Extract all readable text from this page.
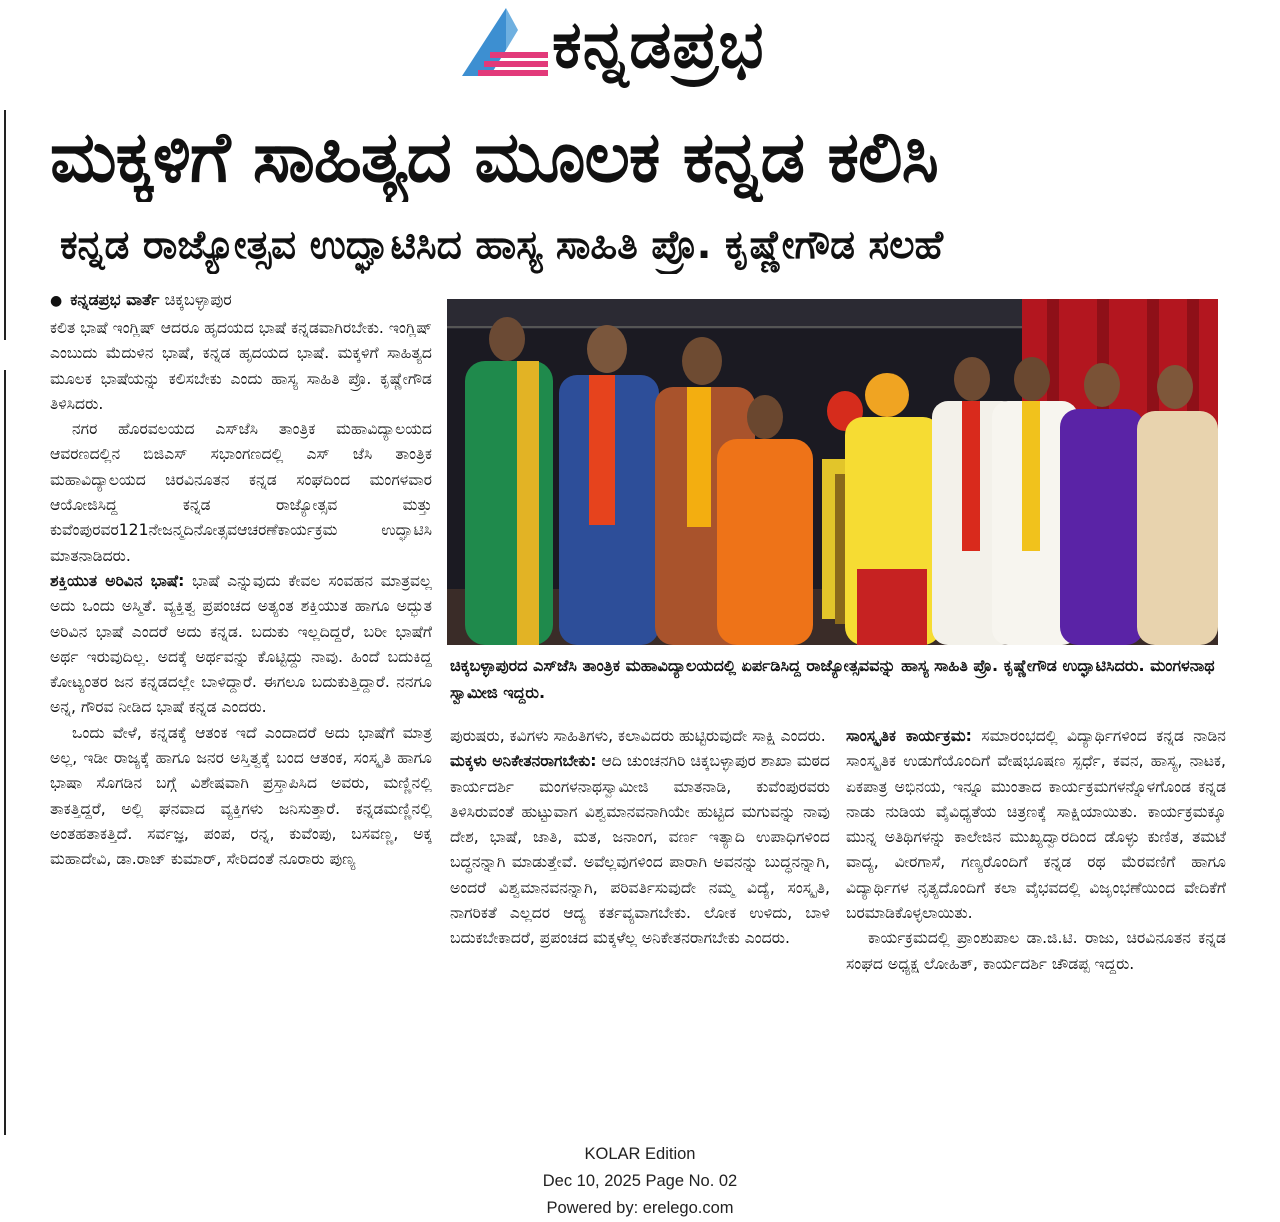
ಕನ್ನಡಪ್ರಭ
ಮಕ್ಕಳಿಗೆ ಸಾಹಿತ್ಯದ ಮೂಲಕ ಕನ್ನಡ ಕಲಿಸಿ
ಕನ್ನಡ ರಾಜ್ಯೋತ್ಸವ ಉದ್ಘಾಟಿಸಿದ ಹಾಸ್ಯ ಸಾಹಿತಿ ಪ್ರೊ. ಕೃಷ್ಣೇಗೌಡ ಸಲಹೆ
● ಕನ್ನಡಪ್ರಭ ವಾರ್ತೆ ಚಿಕ್ಕಬಳ್ಳಾಪುರ

ಕಲಿತ ಭಾಷೆ ಇಂಗ್ಲಿಷ್ ಆದರೂ ಹೃದಯದ ಭಾಷೆ ಕನ್ನಡವಾಗಿರಬೇಕು. ಇಂಗ್ಲಿಷ್ ಎಂಬುದು ಮೆದುಳಿನ ಭಾಷೆ, ಕನ್ನಡ ಹೃದಯದ ಭಾಷೆ. ಮಕ್ಕಳಿಗೆ ಸಾಹಿತ್ಯದ ಮೂಲಕ ಭಾಷೆಯನ್ನು ಕಲಿಸಬೇಕು ಎಂದು ಹಾಸ್ಯ ಸಾಹಿತಿ ಪ್ರೊ. ಕೃಷ್ಣೇಗೌಡ ತಿಳಿಸಿದರು.

ನಗರ ಹೊರವಲಯದ ಎಸ್‌ಜೆಸಿ ತಾಂತ್ರಿಕ ಮಹಾವಿದ್ಯಾಲಯದ ಆವರಣದಲ್ಲಿನ ಬಿಜಿಎಸ್ ಸಭಾಂಗಣದಲ್ಲಿ ಎಸ್ ಜೆಸಿ ತಾಂತ್ರಿಕ ಮಹಾವಿದ್ಯಾಲಯದ ಚಿರವಿನೂತನ ಕನ್ನಡ ಸಂಘದಿಂದ ಮಂಗಳವಾರ ಆಯೋಜಿಸಿದ್ದ ಕನ್ನಡ ರಾಜ್ಯೋತ್ಸವ ಮತ್ತು ಕುವೆಂಪುರವರ121ನೇಜನ್ಮದಿನೋತ್ಸವಆಚರಣೆಕಾರ್ಯಕ್ರಮ ಉದ್ಘಾಟಿಸಿ ಮಾತನಾಡಿದರು.

ಶಕ್ತಿಯುತ ಅರಿವಿನ ಭಾಷೆ: ಭಾಷೆ ಎನ್ನುವುದು ಕೇವಲ ಸಂವಹನ ಮಾತ್ರವಲ್ಲ ಅದು ಒಂದು ಅಸ್ಮಿತೆ. ವ್ಯಕ್ತಿತ್ವ ಪ್ರಪಂಚದ ಅತ್ಯಂತ ಶಕ್ತಿಯುತ ಹಾಗೂ ಅದ್ಭುತ ಅರಿವಿನ ಭಾಷೆ ಎಂದರೆ ಅದು ಕನ್ನಡ. ಬದುಕು ಇಲ್ಲದಿದ್ದರೆ, ಬರೀ ಭಾಷೆಗೆ ಅರ್ಥ ಇರುವುದಿಲ್ಲ. ಅದಕ್ಕೆ ಅರ್ಥವನ್ನು ಕೊಟ್ಟಿದ್ದು ನಾವು. ಹಿಂದೆ ಬದುಕಿದ್ದ ಕೋಟ್ಯಂತರ ಜನ ಕನ್ನಡದಲ್ಲೇ ಬಾಳಿದ್ದಾರೆ. ಈಗಲೂ ಬದುಕುತ್ತಿದ್ದಾರೆ. ನನಗೂ ಅನ್ನ, ಗೌರವ ನೀಡಿದ ಭಾಷೆ ಕನ್ನಡ ಎಂದರು.

ಒಂದು ವೇಳೆ, ಕನ್ನಡಕ್ಕೆ ಆತಂಕ ಇದೆ ಎಂದಾದರೆ ಅದು ಭಾಷೆಗೆ ಮಾತ್ರ ಅಲ್ಲ, ಇಡೀ ರಾಜ್ಯಕ್ಕೆ ಹಾಗೂ ಜನರ ಅಸ್ತಿತ್ವಕ್ಕೆ ಬಂದ ಆತಂಕ, ಸಂಸ್ಕೃತಿ ಹಾಗೂ ಭಾಷಾ ಸೊಗಡಿನ ಬಗ್ಗೆ ವಿಶೇಷವಾಗಿ ಪ್ರಸ್ತಾಪಿಸಿದ ಅವರು, ಮಣ್ಣಿನಲ್ಲಿ ತಾಕತ್ತಿದ್ದರೆ, ಅಲ್ಲಿ ಘನವಾದ ವ್ಯಕ್ತಿಗಳು ಜನಿಸುತ್ತಾರೆ. ಕನ್ನಡಮಣ್ಣಿನಲ್ಲಿ ಅಂತಹತಾಕತ್ತಿದೆ. ಸರ್ವಜ್ಞ, ಪಂಪ, ರನ್ನ, ಕುವೆಂಪು, ಬಸವಣ್ಣ, ಅಕ್ಕ ಮಹಾದೇವಿ, ಡಾ.ರಾಜ್ ಕುಮಾರ್, ಸೇರಿದಂತೆ ನೂರಾರು ಪುಣ್ಯ

ಚಿಕ್ಕಬಳ್ಳಾಪುರದ ಎಸ್‌ಜೆಸಿ ತಾಂತ್ರಿಕ ಮಹಾವಿದ್ಯಾಲಯದಲ್ಲಿ ಏರ್ಪಡಿಸಿದ್ದ ರಾಜ್ಯೋತ್ಸವವನ್ನು ಹಾಸ್ಯ ಸಾಹಿತಿ ಪ್ರೊ. ಕೃಷ್ಣೇಗೌಡ ಉದ್ಘಾಟಿಸಿದರು. ಮಂಗಳನಾಥ ಸ್ವಾಮೀಜಿ ಇದ್ದರು.

ಪುರುಷರು, ಕವಿಗಳು ಸಾಹಿತಿಗಳು, ಕಲಾವಿದರು ಹುಟ್ಟಿರುವುದೇ ಸಾಕ್ಷಿ ಎಂದರು.

ಮಕ್ಕಳು ಅನಿಕೇತನರಾಗಬೇಕು: ಆದಿ ಚುಂಚನಗಿರಿ ಚಿಕ್ಕಬಳ್ಳಾಪುರ ಶಾಖಾ ಮಠದ ಕಾರ್ಯದರ್ಶಿ ಮಂಗಳನಾಥಸ್ವಾಮೀಜಿ ಮಾತನಾಡಿ, ಕುವೆಂಪುರವರು ತಿಳಿಸಿರುವಂತೆ ಹುಟ್ಟುವಾಗ ವಿಶ್ವಮಾನವನಾಗಿಯೇ ಹುಟ್ಟಿದ ಮಗುವನ್ನು ನಾವು ದೇಶ, ಭಾಷೆ, ಜಾತಿ, ಮತ, ಜನಾಂಗ, ವರ್ಣ ಇತ್ಯಾದಿ ಉಪಾಧಿಗಳಿಂದ ಬದ್ಧನನ್ನಾಗಿ ಮಾಡುತ್ತೇವೆ. ಅವೆಲ್ಲವುಗಳಿಂದ ಪಾರಾಗಿ ಅವನನ್ನು ಬುದ್ಧನನ್ನಾಗಿ, ಅಂದರೆ ವಿಶ್ವಮಾನವನನ್ನಾಗಿ, ಪರಿವರ್ತಿಸುವುದೇ ನಮ್ಮ ವಿದ್ಯೆ, ಸಂಸ್ಕೃತಿ, ನಾಗರಿಕತೆ ಎಲ್ಲದರ ಆದ್ಯ ಕರ್ತವ್ಯವಾಗಬೇಕು. ಲೋಕ ಉಳಿದು, ಬಾಳಿ ಬದುಕಬೇಕಾದರೆ, ಪ್ರಪಂಚದ ಮಕ್ಕಳೆಲ್ಲ ಅನಿಕೇತನರಾಗಬೇಕು ಎಂದರು.

ಸಾಂಸ್ಕೃತಿಕ ಕಾರ್ಯಕ್ರಮ: ಸಮಾರಂಭದಲ್ಲಿ ವಿದ್ಯಾರ್ಥಿಗಳಿಂದ ಕನ್ನಡ ನಾಡಿನ ಸಾಂಸ್ಕೃತಿಕ ಉಡುಗೆಯೊಂದಿಗೆ ವೇಷಭೂಷಣ ಸ್ಪರ್ಧೆ, ಕವನ, ಹಾಸ್ಯ, ನಾಟಕ, ಏಕಪಾತ್ರ ಅಭಿನಯ, ಇನ್ನೂ ಮುಂತಾದ ಕಾರ್ಯಕ್ರಮಗಳನ್ನೊಳಗೊಂಡ ಕನ್ನಡ ನಾಡು ನುಡಿಯ ವೈವಿಧ್ಯತೆಯ ಚಿತ್ರಣಕ್ಕೆ ಸಾಕ್ಷಿಯಾಯಿತು. ಕಾರ್ಯಕ್ರಮಕ್ಕೂ ಮುನ್ನ ಅತಿಥಿಗಳನ್ನು ಕಾಲೇಜಿನ ಮುಖ್ಯದ್ವಾರದಿಂದ ಡೊಳ್ಳು ಕುಣಿತ, ತಮಟೆ ವಾದ್ಯ, ವೀರಗಾಸೆ, ಗಣ್ಯರೊಂದಿಗೆ ಕನ್ನಡ ರಥ ಮೆರವಣಿಗೆ ಹಾಗೂ ವಿದ್ಯಾರ್ಥಿಗಳ ನೃತ್ಯದೊಂದಿಗೆ ಕಲಾ ವೈಭವದಲ್ಲಿ ವಿಜೃಂಭಣೆಯಿಂದ ವೇದಿಕೆಗೆ ಬರಮಾಡಿಕೊಳ್ಳಲಾಯಿತು.

ಕಾರ್ಯಕ್ರಮದಲ್ಲಿ ಪ್ರಾಂಶುಪಾಲ ಡಾ.ಜಿ.ಟಿ. ರಾಜು, ಚಿರವಿನೂತನ ಕನ್ನಡ ಸಂಘದ ಅಧ್ಯಕ್ಷ ಲೋಹಿತ್, ಕಾರ್ಯದರ್ಶಿ ಚೌಡಪ್ಪ ಇದ್ದರು.

KOLAR Edition
Dec 10, 2025 Page No. 02
Powered by: erelego.com
